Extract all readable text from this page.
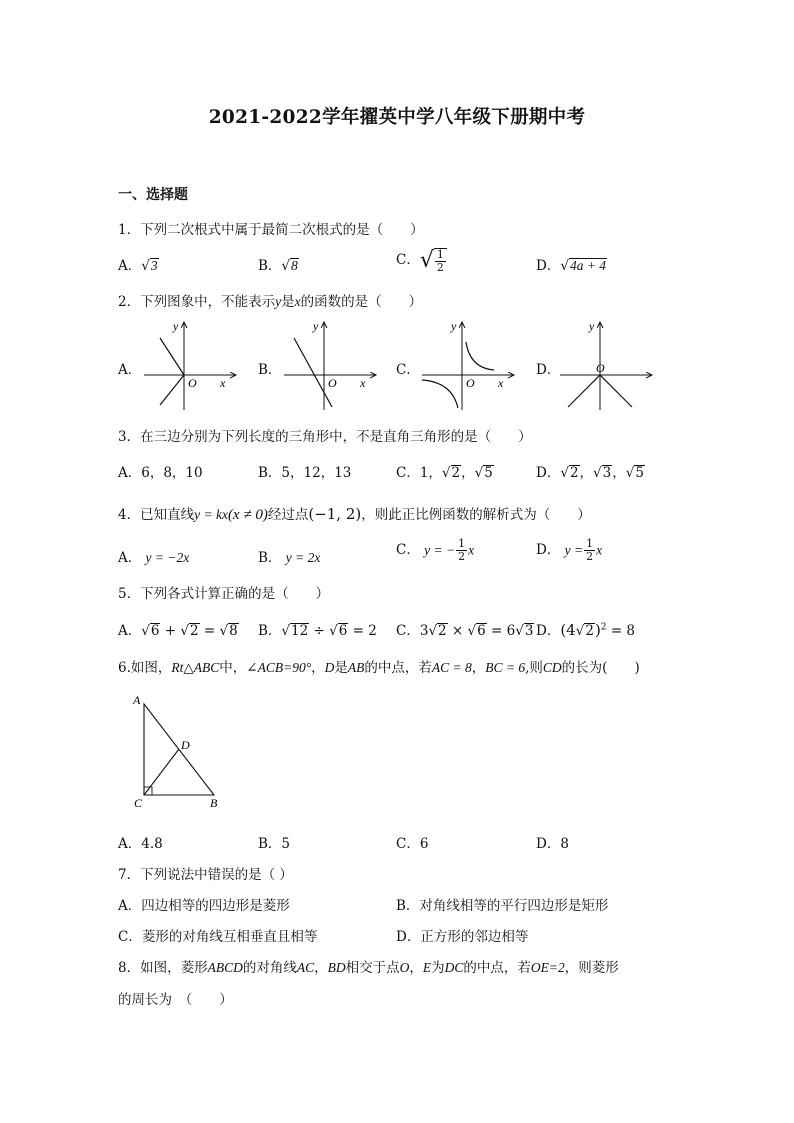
2021-2022学年擢英中学八年级下册期中考
一、选择题
1．下列二次根式中属于最简二次根式的是（　　）
A．√3	B．√8	C．√ $\frac{1}{2}$	D．√4a + 4
2．下列图象中，不能表示y是x的函数的是（　　）
A．	B．	C．	D．
y
O x
y
O x
y
O x
y
O
3．在三边分别为下列长度的三角形中，不是直角三角形的是（　　）
A．6，8，10	B．5，12，13	C．1，√2，√5	D．√2，√3，√5
4．已知直线y = kx(x ≠ 0)经过点(−1, 2)，则此正比例函数的解析式为（　　）
A． y = −2x	B． y = 2x	C． y = − $\frac{1}{2}$ x	D． $y = \frac{1}{2}$ x
5．下列各式计算正确的是（　　）
A．√6 + √2 = √8 B．√12 ÷ √6 = 2 C．3√2 × √6 = 6√3 D．$(4√2)^2 = 8$
6.如图，Rt△ABC中，∠ACB=90°，D是AB的中点，若AC = 8，BC = 6,则CD的长为(　　)
A
D
C	B
A．4.8	B．5	C．6	D．8
7．下列说法中错误的是（ ）
A．四边相等的四边形是菱形	B．对角线相等的平行四边形是矩形
C．菱形的对角线互相垂直且相等	D．正方形的邻边相等
8．如图，菱形ABCD的对角线AC，BD相交于点O，E为DC的中点，若OE=2，则菱形
的周长为　（　　）
